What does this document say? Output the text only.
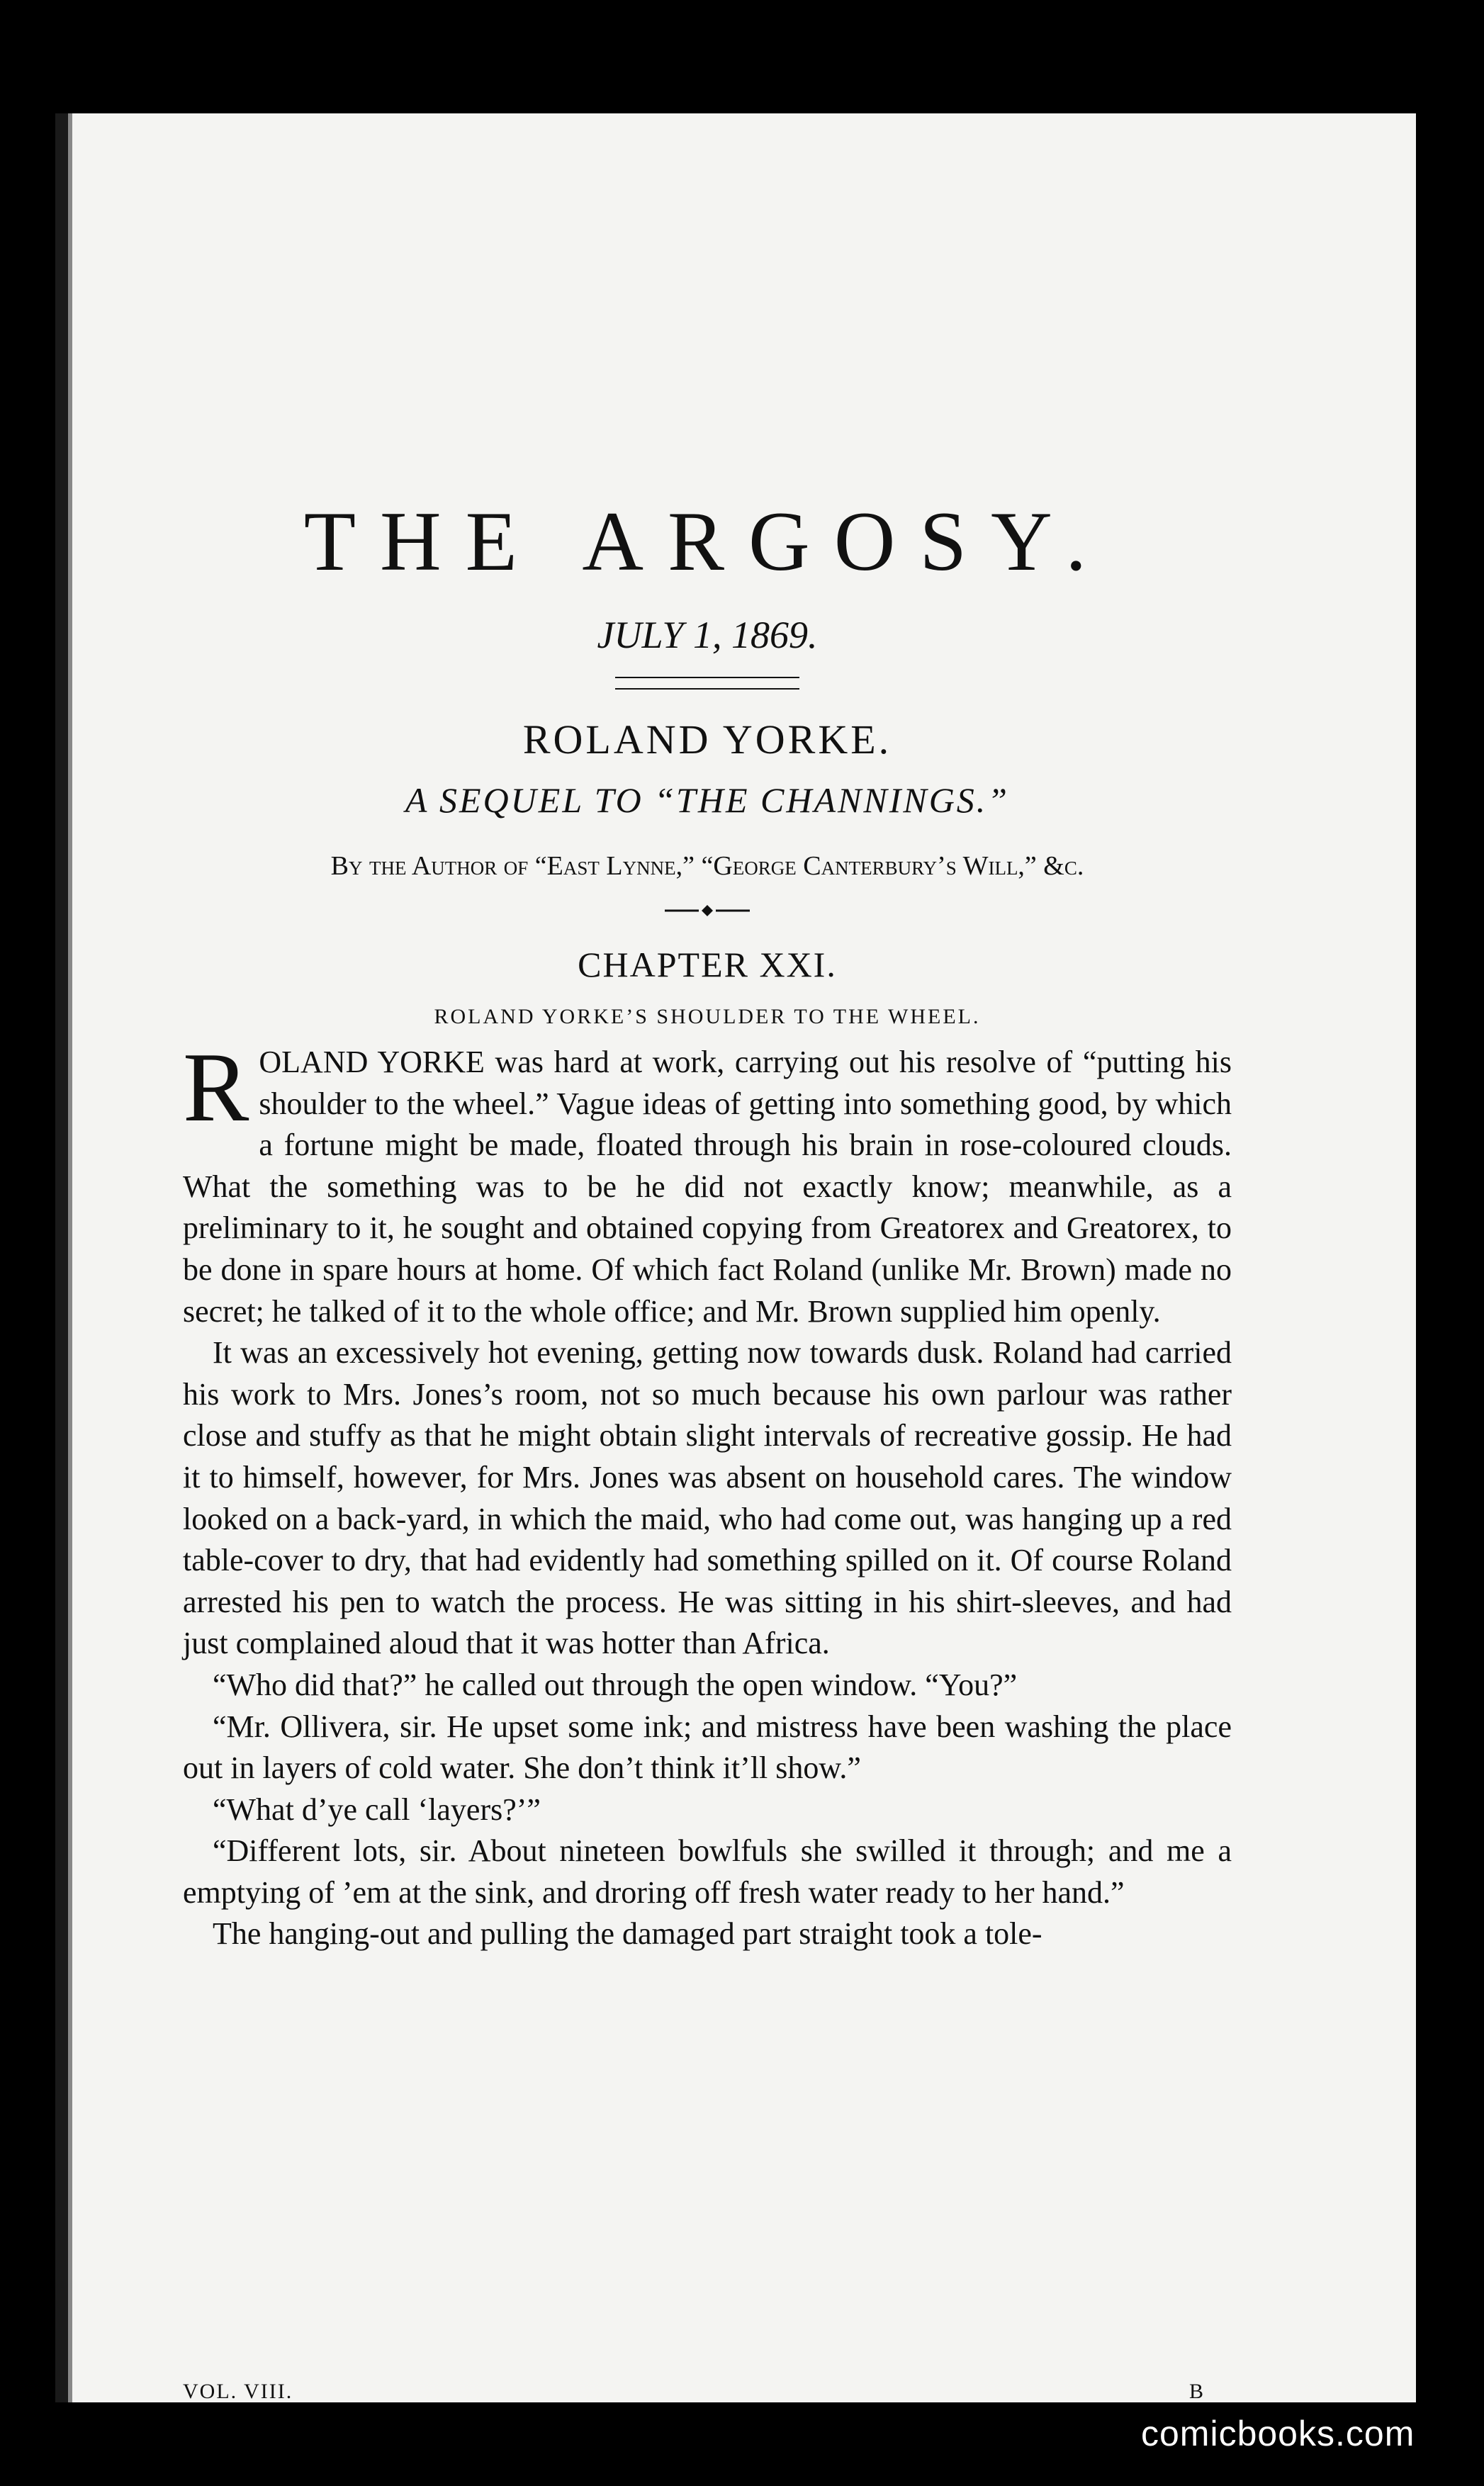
THE ARGOSY.
JULY 1, 1869.
ROLAND YORKE.
A SEQUEL TO “THE CHANNINGS.”
By the Author of “East Lynne,” “George Canterbury’s Will,” &c.
CHAPTER XXI.
ROLAND YORKE’S SHOULDER TO THE WHEEL.

ROLAND YORKE was hard at work, carrying out his resolve of “putting his shoulder to the wheel.” Vague ideas of getting into something good, by which a fortune might be made, floated through his brain in rose-coloured clouds. What the something was to be he did not exactly know; meanwhile, as a preliminary to it, he sought and obtained copying from Greatorex and Greatorex, to be done in spare hours at home. Of which fact Roland (unlike Mr. Brown) made no secret; he talked of it to the whole office; and Mr. Brown supplied him openly.

It was an excessively hot evening, getting now towards dusk. Roland had carried his work to Mrs. Jones’s room, not so much because his own parlour was rather close and stuffy as that he might obtain slight intervals of recreative gossip. He had it to himself, however, for Mrs. Jones was absent on household cares. The window looked on a back-yard, in which the maid, who had come out, was hanging up a red table-cover to dry, that had evidently had something spilled on it. Of course Roland arrested his pen to watch the process. He was sitting in his shirt-sleeves, and had just complained aloud that it was hotter than Africa.

“Who did that?” he called out through the open window. “You?”

“Mr. Ollivera, sir. He upset some ink; and mistress have been washing the place out in layers of cold water. She don’t think it’ll show.”

“What d’ye call ‘layers?’”

“Different lots, sir. About nineteen bowlfuls she swilled it through; and me a emptying of ’em at the sink, and droring off fresh water ready to her hand.”

The hanging-out and pulling the damaged part straight took a tole-

VOL. VIII.	B
comicbooks.com
